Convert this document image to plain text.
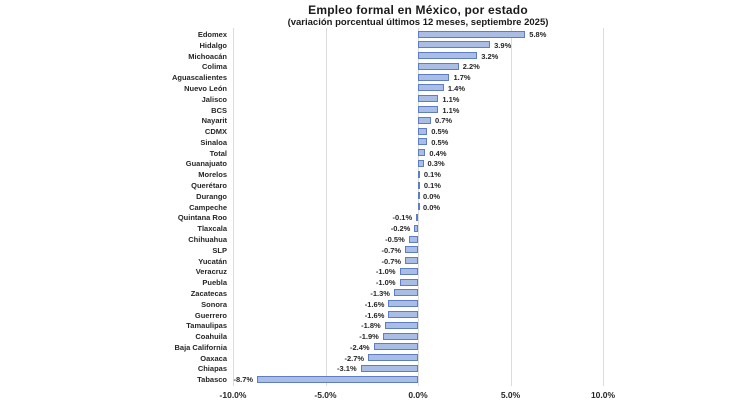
Empleo formal en México, por estado
(variación porcentual últimos 12 meses, septiembre 2025)
-10.0%	-5.0%	0.0%	5.0%	10.0%
Edomex	5.8%
Hidalgo	3.9%
Michoacán	3.2%
Colima	2.2%
Aguascalientes	1.7%
Nuevo León	1.4%
Jalisco	1.1%
BCS	1.1%
Nayarit	0.7%
CDMX	0.5%
Sinaloa	0.5%
Total	0.4%
Guanajuato	0.3%
Morelos	0.1%
Querétaro	0.1%
Durango	0.0%
Campeche	0.0%
Quintana Roo	-0.1%
Tlaxcala	-0.2%
Chihuahua	-0.5%
SLP	-0.7%
Yucatán	-0.7%
Veracruz	-1.0%
Puebla	-1.0%
Zacatecas	-1.3%
Sonora	-1.6%
Guerrero	-1.6%
Tamaulipas	-1.8%
Coahuila	-1.9%
Baja California	-2.4%
Oaxaca	-2.7%
Chiapas	-3.1%
Tabasco -8.7%
